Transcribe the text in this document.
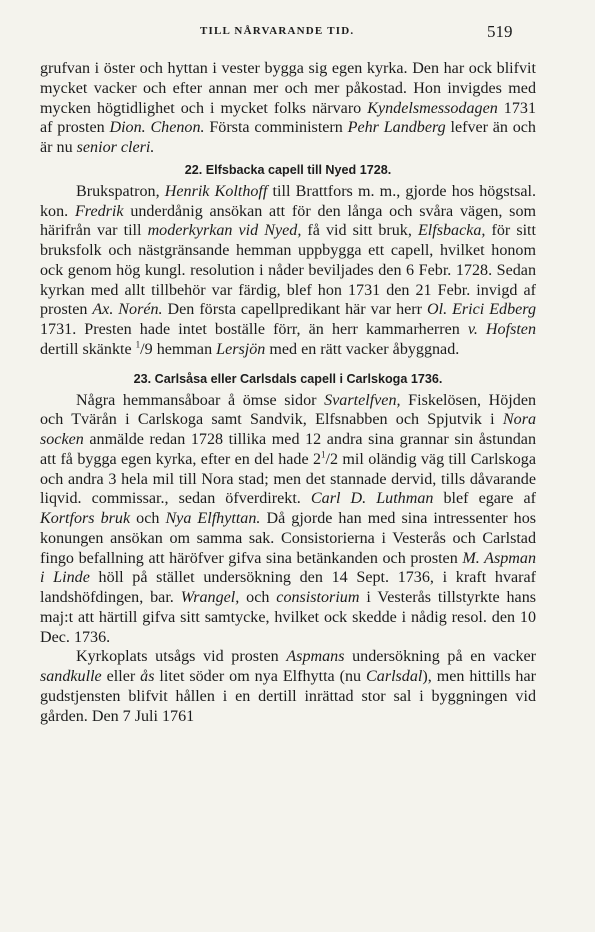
TILL NÅRVARANDE TID.	519

grufvan i öster och hyttan i vester bygga sig egen kyrka. Den har ock blifvit mycket vacker och efter annan mer och mer påkostad. Hon invigdes med mycken högtidlighet och i mycket folks närvaro Kyndelsmessodagen 1731 af prosten Dion. Chenon. Första comministern Pehr Landberg lefver än och är nu senior cleri.

22. Elfsbacka capell till Nyed 1728.

Brukspatron, Henrik Kolthoff till Brattfors m. m., gjorde hos högstsal. kon. Fredrik underdånig ansökan att för den långa och svåra vägen, som härifrån var till moderkyrkan vid Nyed, få vid sitt bruk, Elfsbacka, för sitt bruksfolk och nästgränsande hemman uppbygga ett capell, hvilket honom ock genom hög kungl. resolution i nåder beviljades den 6 Febr. 1728. Sedan kyrkan med allt tillbehör var färdig, blef hon 1731 den 21 Febr. invigd af prosten Ax. Norén. Den första capellpredikant här var herr Ol. Erici Edberg 1731. Presten hade intet boställe förr, än herr kammarherren v. Hofsten dertill skänkte $^1$/9 hemman Lersjön med en rätt vacker åbyggnad.

23. Carlsåsa eller Carlsdals capell i Carlskoga 1736.

Några hemmansåboar å ömse sidor Svartelfven, Fiskelösen, Höjden och Tvärån i Carlskoga samt Sandvik, Elfsnabben och Spjutvik i Nora socken anmälde redan 1728 tillika med 12 andra sina grannar sin åstundan att få bygga egen kyrka, efter en del hade $2^1/2$ mil oländig väg till Carlskoga och andra 3 hela mil till Nora stad; men det stannade dervid, tills dåvarande liqvid. commissar., sedan öfverdirekt. Carl D. Luthman blef egare af Kortfors bruk och Nya Elfhyttan. Då gjorde han med sina intressenter hos konungen ansökan om samma sak. Consistorierna i Vesterås och Carlstad fingo befallning att häröfver gifva sina betänkanden och prosten M. Aspman i Linde höll på stället undersökning den 14 Sept. 1736, i kraft hvaraf landshöfdingen, bar. Wrangel, och consistorium i Vesterås tillstyrkte hans maj:t att härtill gifva sitt samtycke, hvilket ock skedde i nådig resol. den 10 Dec. 1736.

Kyrkoplats utsågs vid prosten Aspmans undersökning på en vacker sandkulle eller ås litet söder om nya Elfhytta (nu Carlsdal), men hittills har gudstjensten blifvit hållen i en dertill inrättad stor sal i byggningen vid gården. Den 7 Juli 1761
